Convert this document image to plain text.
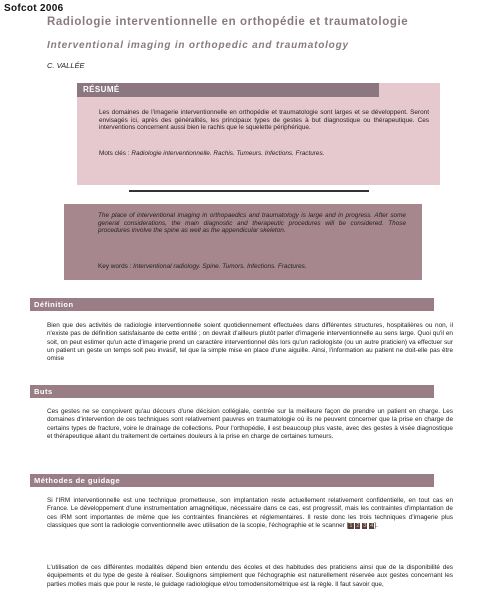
Sofcot 2006
Radiologie interventionnelle en orthopédie et traumatologie
Interventional imaging in orthopedic and traumatology
C. VALLÉE
RÉSUMÉ
Les domaines de l'imagerie interventionnelle en orthopédie et traumatologie sont larges et se développent. Seront envisagés ici, après des généralités, les principaux types de gestes à but diagnostique ou thérapeutique. Ces interventions concernent aussi bien le rachis que le squelette périphérique.
Mots clés : Radiologie interventionnelle. Rachis. Tumeurs. Infections. Fractures.
The place of interventional imaging in orthopaedics and traumatology is large and in progress. After some general considerations, the main diagnostic and therapeutic procedures will be considered. Those procedures involve the spine as well as the appendicular skeleton.
Key words : Interventional radiology. Spine. Tumors. Infections. Fractures.
Définition
Bien que des activités de radiologie interventionnelle soient quotidiennement effectuées dans différentes structures, hospitalières ou non, il n'existe pas de définition satisfaisante de cette entité ; on devrait d'ailleurs plutôt parler d'imagerie interventionnelle au sens large. Quoi qu'il en soit, on peut estimer qu'un acte d'imagerie prend un caractère interventionnel dès lors qu'un radiologiste (ou un autre praticien) va effectuer sur un patient un geste un temps soit peu invasif, tel que la simple mise en place d'une aiguille. Ainsi, l'information au patient ne doit-elle pas être omise
Buts
Ces gestes ne se conçoivent qu'au décours d'une décision collégiale, centrée sur la meilleure façon de prendre un patient en charge. Les domaines d'intervention de ces techniques sont relativement pauvres en traumatologie où ils ne peuvent concerner que la prise en charge de certains types de fracture, voire le drainage de collections. Pour l'orthopédie, il est beaucoup plus vaste, avec des gestes à visée diagnostique et thérapeutique allant du traitement de certaines douleurs à la prise en charge de certaines tumeurs.
Méthodes de guidage
Si l'IRM interventionnelle est une technique prometteuse, son implantation reste actuellement relativement confidentielle, en tout cas en France. Le développement d'une instrumentation amagnétique, nécessaire dans ce cas, est progressif, mais les contraintes d'implantation de ces IRM sont importantes de même que les contraintes financières et réglementaires. Il reste donc les trois techniques d'imagerie plus classiques que sont la radiologie conventionnelle avec utilisation de la scopie, l'échographie et le scanner [1 2 3 4].
L'utilisation de ces différentes modalités dépend bien entendu des écoles et des habitudes des praticiens ainsi que de la disponibilité des équipements et du type de geste à réaliser. Soulignons simplement que l'échographie est naturellement réservée aux gestes concernant les parties molles mais que pour le reste, le guidage radiologique et/ou tomodensitométrique est la règle. Il faut savoir que,
